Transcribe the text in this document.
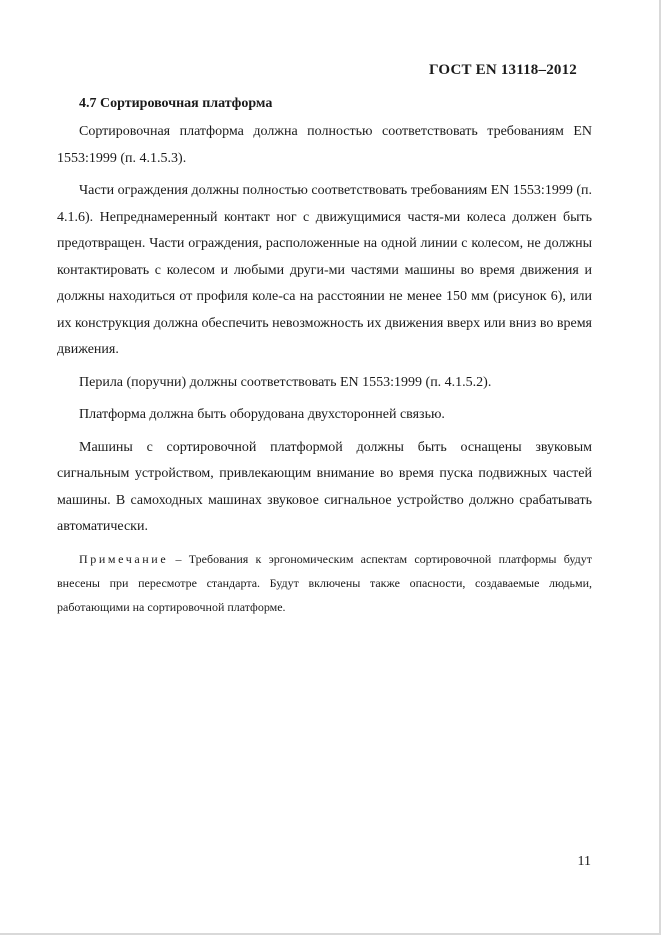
ГОСТ EN 13118–2012
4.7 Сортировочная платформа

Сортировочная платформа должна полностью соответствовать требованиям EN 1553:1999 (п. 4.1.5.3).

Части ограждения должны полностью соответствовать требованиям EN 1553:1999 (п. 4.1.6). Непреднамеренный контакт ног с движущимися частя-ми колеса должен быть предотвращен. Части ограждения, расположенные на одной линии с колесом, не должны контактировать с колесом и любыми други-ми частями машины во время движения и должны находиться от профиля коле-са на расстоянии не менее 150 мм (рисунок 6), или их конструкция должна обеспечить невозможность их движения вверх или вниз во время движения.

Перила (поручни) должны соответствовать EN 1553:1999 (п. 4.1.5.2).

Платформа должна быть оборудована двухсторонней связью.

Машины с сортировочной платформой должны быть оснащены звуковым сигнальным устройством, привлекающим внимание во время пуска подвижных частей машины. В самоходных машинах звуковое сигнальное устройство должно срабатывать автоматически.

Примечание – Требования к эргономическим аспектам сортировочной платформы будут внесены при пересмотре стандарта. Будут включены также опасности, создаваемые людьми, работающими на сортировочной платформе.

11
